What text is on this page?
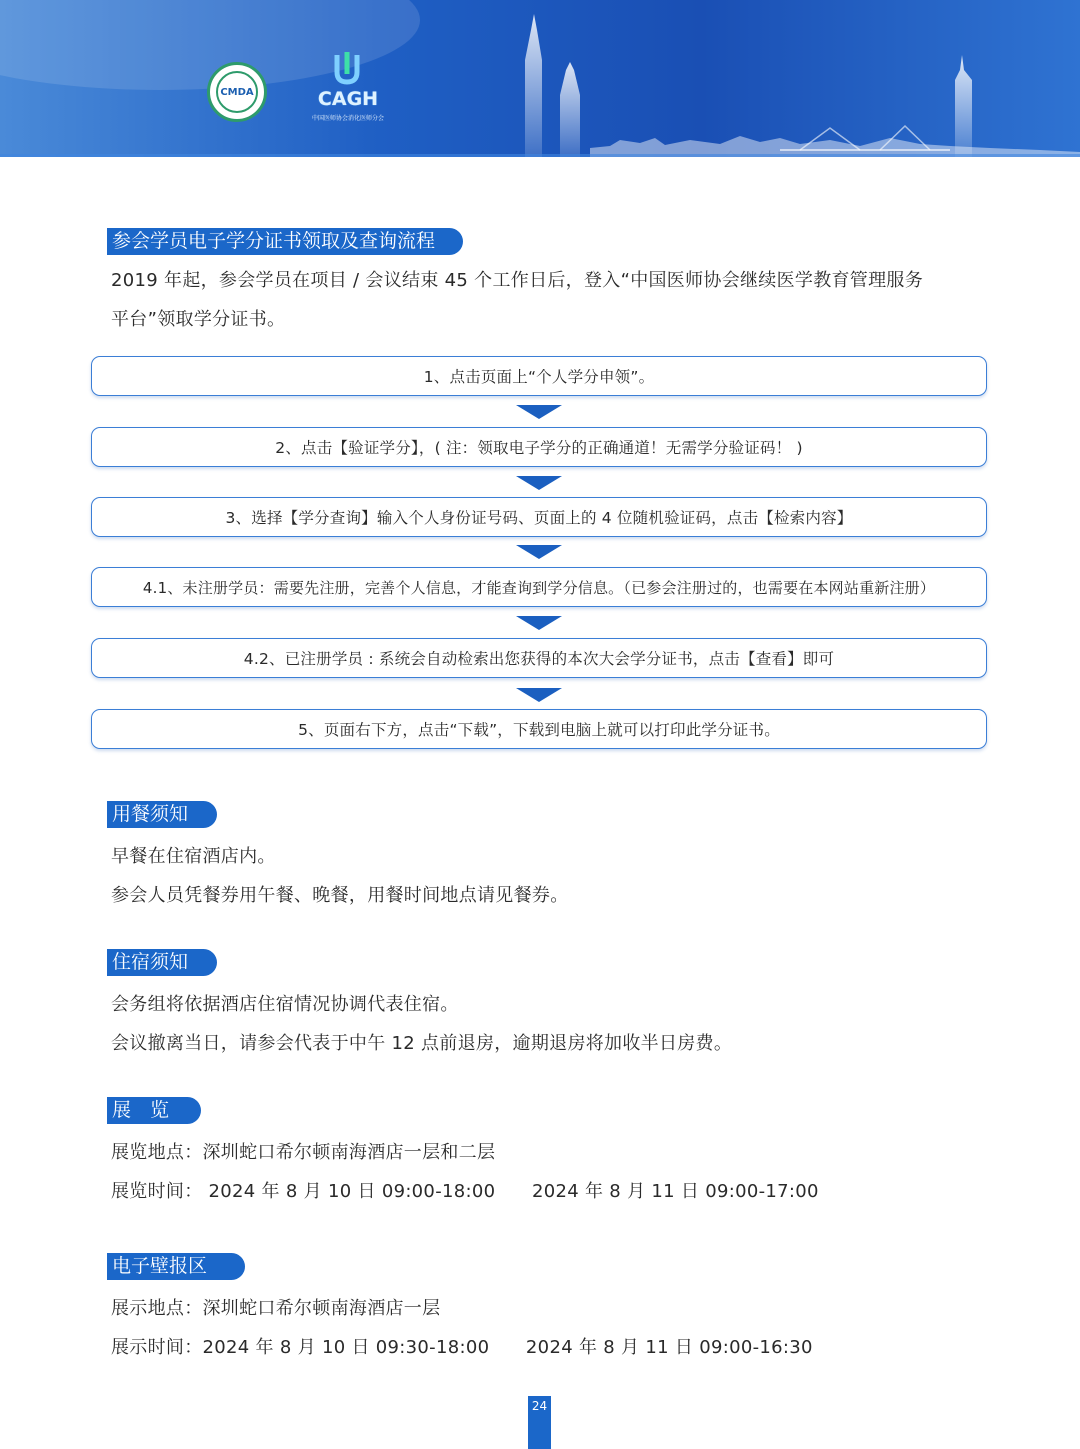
CMDA	CAGH
中国医师协会消化医师分会
参会学员电子学分证书领取及查询流程
2019 年起，参会学员在项目 / 会议结束 45 个工作日后，登入“中国医师协会继续医学教育管理服务
平台”领取学分证书。
1、点击页面上“个人学分申领”。
2、点击【验证学分】，( 注：领取电子学分的正确通道！无需学分验证码！ )
3、选择【学分查询】输入个人身份证号码、页面上的 4 位随机验证码，点击【检索内容】
4.1、未注册学员：需要先注册，完善个人信息，才能查询到学分信息。（已参会注册过的，也需要在本网站重新注册）
4.2、已注册学员 : 系统会自动检索出您获得的本次大会学分证书，点击【查看】即可
5、页面右下方，点击“下载”，下载到电脑上就可以打印此学分证书。
用餐须知
早餐在住宿酒店内。
参会人员凭餐券用午餐、晚餐，用餐时间地点请见餐券。
住宿须知
会务组将依据酒店住宿情况协调代表住宿。
会议撤离当日，请参会代表于中午 12 点前退房，逾期退房将加收半日房费。
展　览
展览地点：深圳蛇口希尔顿南海酒店一层和二层
展览时间： 2024 年 8 月 10 日 09:00-18:00　　2024 年 8 月 11 日 09:00-17:00
电子壁报区
展示地点：深圳蛇口希尔顿南海酒店一层
展示时间：2024 年 8 月 10 日 09:30-18:00　　2024 年 8 月 11 日 09:00-16:30
24
